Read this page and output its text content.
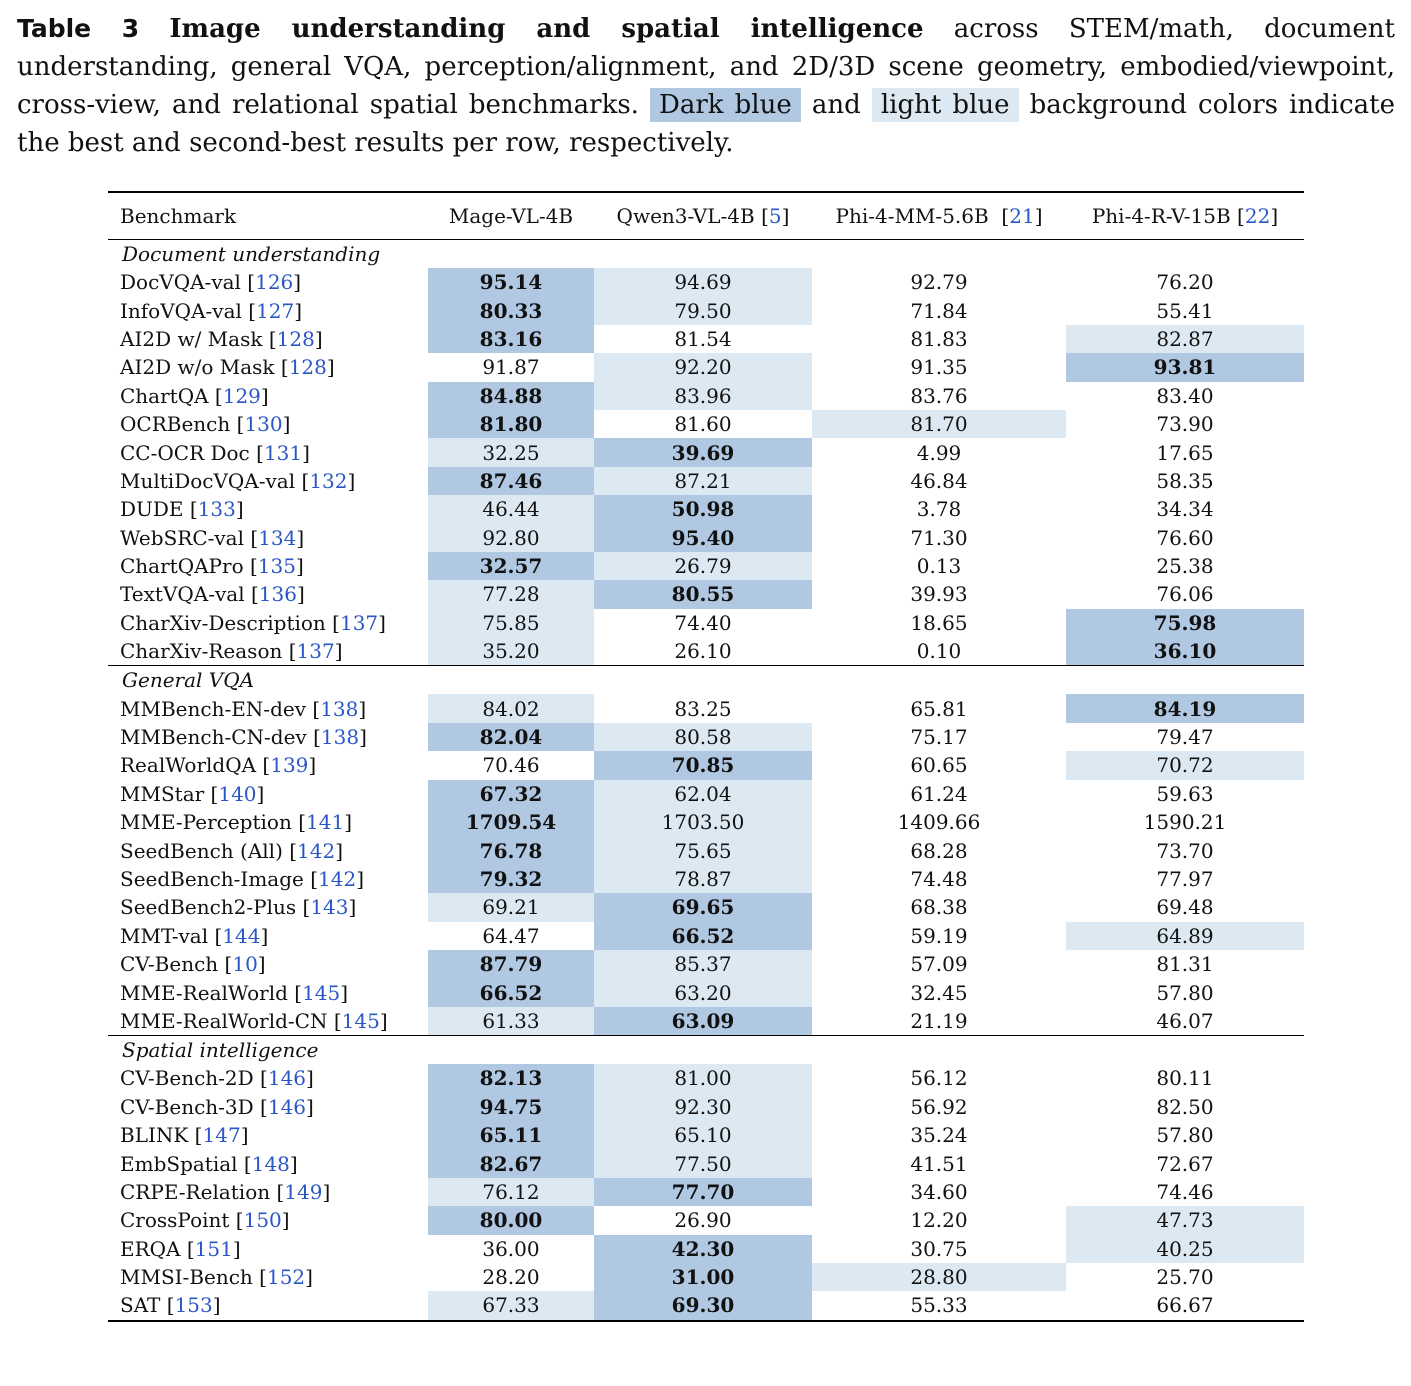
Table 3 Image understanding and spatial intelligence across STEM/math, document understanding, general VQA, perception/alignment, and 2D/3D scene geometry, embodied/viewpoint, cross-view, and relational spatial benchmarks. Dark blue and light blue background colors indicate the best and second-best results per row, respectively.
Benchmark	Mage-VL-4B	Qwen3-VL-4B [5]	Phi-4-MM-5.6B  [21]	Phi-4-R-V-15B [22]
Document understanding				
DocVQA-val [126]	95.14	94.69	92.79	76.20
InfoVQA-val [127]	80.33	79.50	71.84	55.41
AI2D w/ Mask [128]	83.16	81.54	81.83	82.87
AI2D w/o Mask [128]	91.87	92.20	91.35	93.81
ChartQA [129]	84.88	83.96	83.76	83.40
OCRBench [130]	81.80	81.60	81.70	73.90
CC-OCR Doc [131]	32.25	39.69	4.99	17.65
MultiDocVQA-val [132]	87.46	87.21	46.84	58.35
DUDE [133]	46.44	50.98	3.78	34.34
WebSRC-val [134]	92.80	95.40	71.30	76.60
ChartQAPro [135]	32.57	26.79	0.13	25.38
TextVQA-val [136]	77.28	80.55	39.93	76.06
CharXiv-Description [137]	75.85	74.40	18.65	75.98
CharXiv-Reason [137]	35.20	26.10	0.10	36.10
General VQA				
MMBench-EN-dev [138]	84.02	83.25	65.81	84.19
MMBench-CN-dev [138]	82.04	80.58	75.17	79.47
RealWorldQA [139]	70.46	70.85	60.65	70.72
MMStar [140]	67.32	62.04	61.24	59.63
MME-Perception [141]	1709.54	1703.50	1409.66	1590.21
SeedBench (All) [142]	76.78	75.65	68.28	73.70
SeedBench-Image [142]	79.32	78.87	74.48	77.97
SeedBench2-Plus [143]	69.21	69.65	68.38	69.48
MMT-val [144]	64.47	66.52	59.19	64.89
CV-Bench [10]	87.79	85.37	57.09	81.31
MME-RealWorld [145]	66.52	63.20	32.45	57.80
MME-RealWorld-CN [145]	61.33	63.09	21.19	46.07
Spatial intelligence				
CV-Bench-2D [146]	82.13	81.00	56.12	80.11
CV-Bench-3D [146]	94.75	92.30	56.92	82.50
BLINK [147]	65.11	65.10	35.24	57.80
EmbSpatial [148]	82.67	77.50	41.51	72.67
CRPE-Relation [149]	76.12	77.70	34.60	74.46
CrossPoint [150]	80.00	26.90	12.20	47.73
ERQA [151]	36.00	42.30	30.75	40.25
MMSI-Bench [152]	28.20	31.00	28.80	25.70
SAT [153]	67.33	69.30	55.33	66.67
